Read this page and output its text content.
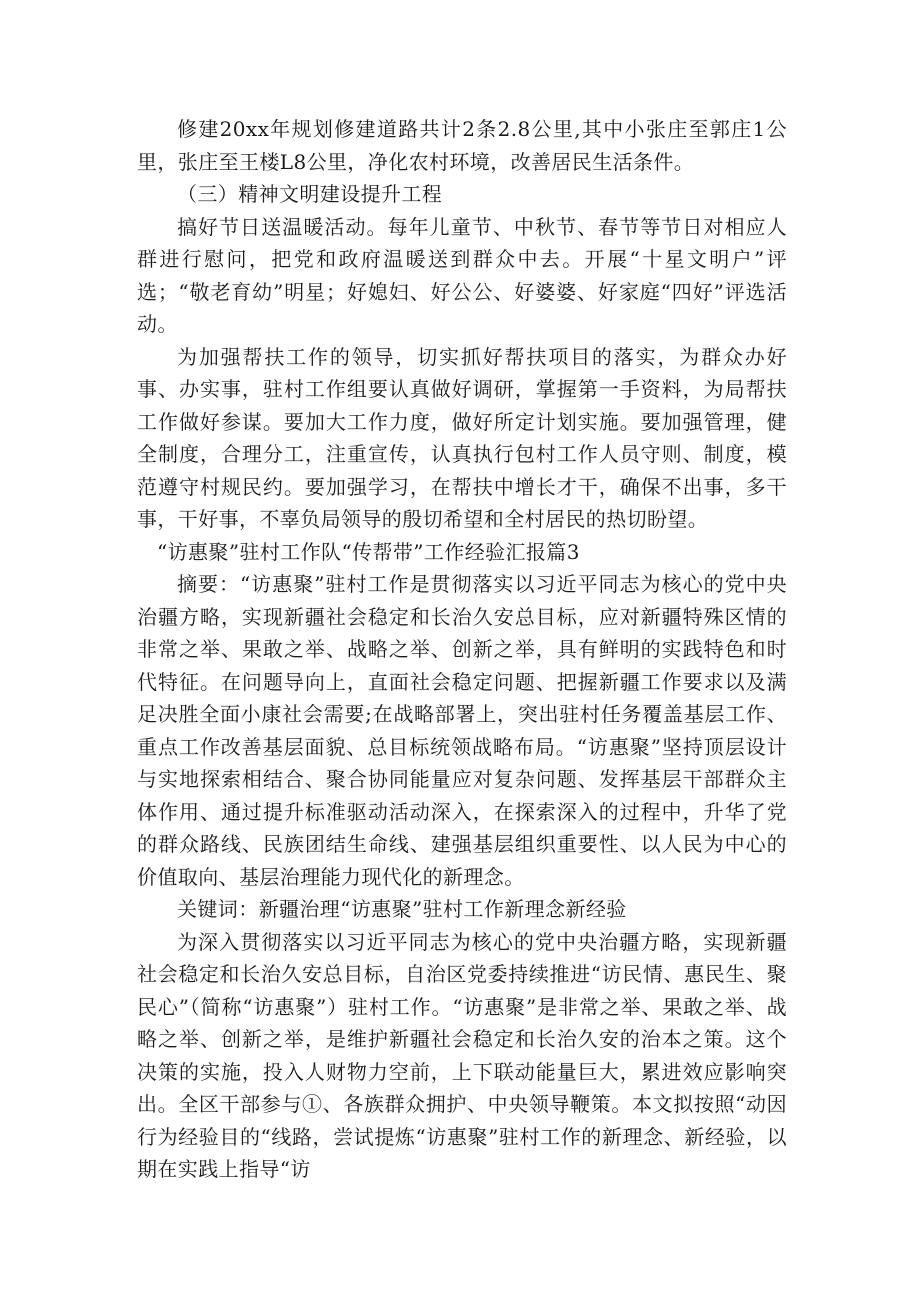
修建20xx年规划修建道路共计2条2.8公里,其中小张庄至郭庄1公里，张庄至王楼L8公里，净化农村环境，改善居民生活条件。

（三）精神文明建设提升工程

搞好节日送温暖活动。每年儿童节、中秋节、春节等节日对相应人群进行慰问，把党和政府温暖送到群众中去。开展“十星文明户”评选；“敬老育幼”明星；好媳妇、好公公、好婆婆、好家庭“四好”评选活动。

为加强帮扶工作的领导，切实抓好帮扶项目的落实，为群众办好事、办实事，驻村工作组要认真做好调研，掌握第一手资料，为局帮扶工作做好参谋。要加大工作力度，做好所定计划实施。要加强管理，健全制度，合理分工，注重宣传，认真执行包村工作人员守则、制度，模范遵守村规民约。要加强学习，在帮扶中增长才干，确保不出事，多干事，干好事，不辜负局领导的殷切希望和全村居民的热切盼望。

“访惠聚”驻村工作队“传帮带”工作经验汇报篇3

摘要：“访惠聚”驻村工作是贯彻落实以习近平同志为核心的党中央治疆方略，实现新疆社会稳定和长治久安总目标，应对新疆特殊区情的非常之举、果敢之举、战略之举、创新之举，具有鲜明的实践特色和时代特征。在问题导向上，直面社会稳定问题、把握新疆工作要求以及满足决胜全面小康社会需要;在战略部署上，突出驻村任务覆盖基层工作、重点工作改善基层面貌、总目标统领战略布局。“访惠聚”坚持顶层设计与实地探索相结合、聚合协同能量应对复杂问题、发挥基层干部群众主体作用、通过提升标准驱动活动深入，在探索深入的过程中，升华了党的群众路线、民族团结生命线、建强基层组织重要性、以人民为中心的价值取向、基层治理能力现代化的新理念。

关键词：新疆治理“访惠聚”驻村工作新理念新经验

为深入贯彻落实以习近平同志为核心的党中央治疆方略，实现新疆社会稳定和长治久安总目标，自治区党委持续推进“访民情、惠民生、聚民心”（简称“访惠聚”）驻村工作。“访惠聚”是非常之举、果敢之举、战略之举、创新之举，是维护新疆社会稳定和长治久安的治本之策。这个决策的实施，投入人财物力空前，上下联动能量巨大，累进效应影响突出。全区干部参与①、各族群众拥护、中央领导鞭策。本文拟按照“动因行为经验目的“线路，尝试提炼“访惠聚”驻村工作的新理念、新经验，以期在实践上指导“访
